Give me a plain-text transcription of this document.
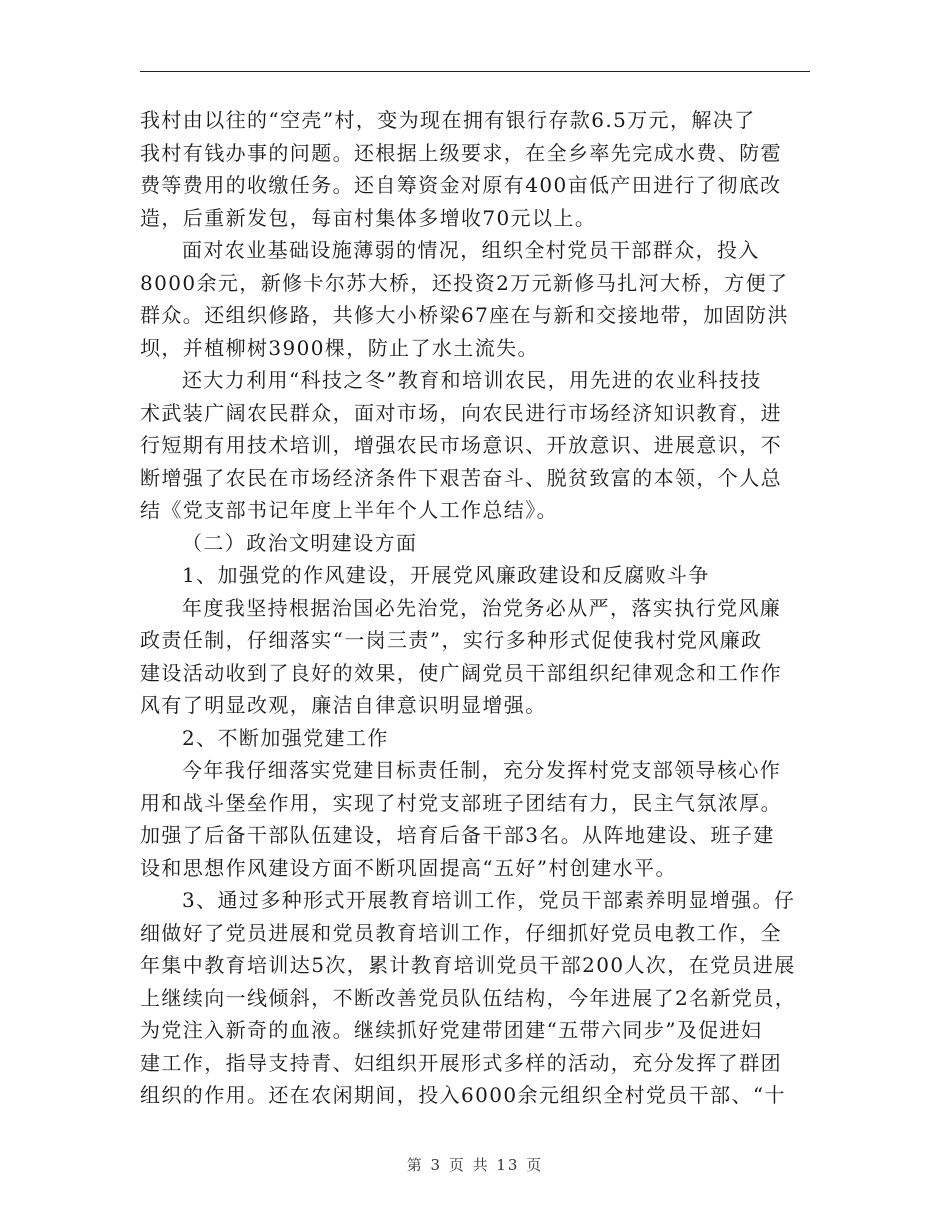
我村由以往的“空壳”村，变为现在拥有银行存款6.5万元，解决了
我村有钱办事的问题。还根据上级要求，在全乡率先完成水费、防雹
费等费用的收缴任务。还自筹资金对原有400亩低产田进行了彻底改
造，后重新发包，每亩村集体多增收70元以上。
面对农业基础设施薄弱的情况，组织全村党员干部群众，投入
8000余元，新修卡尔苏大桥，还投资2万元新修马扎河大桥，方便了
群众。还组织修路，共修大小桥梁67座在与新和交接地带，加固防洪
坝，并植柳树3900棵，防止了水土流失。
还大力利用“科技之冬”教育和培训农民，用先进的农业科技技
术武装广阔农民群众，面对市场，向农民进行市场经济知识教育，进
行短期有用技术培训，增强农民市场意识、开放意识、进展意识，不
断增强了农民在市场经济条件下艰苦奋斗、脱贫致富的本领，个人总
结《党支部书记年度上半年个人工作总结》。
（二）政治文明建设方面
1、加强党的作风建设，开展党风廉政建设和反腐败斗争
年度我坚持根据治国必先治党，治党务必从严，落实执行党风廉
政责任制，仔细落实“一岗三责”，实行多种形式促使我村党风廉政
建设活动收到了良好的效果，使广阔党员干部组织纪律观念和工作作
风有了明显改观，廉洁自律意识明显增强。
2、不断加强党建工作
今年我仔细落实党建目标责任制，充分发挥村党支部领导核心作
用和战斗堡垒作用，实现了村党支部班子团结有力，民主气氛浓厚。
加强了后备干部队伍建设，培育后备干部3名。从阵地建设、班子建
设和思想作风建设方面不断巩固提高“五好”村创建水平。
3、通过多种形式开展教育培训工作，党员干部素养明显增强。仔
细做好了党员进展和党员教育培训工作，仔细抓好党员电教工作，全
年集中教育培训达5次，累计教育培训党员干部200人次，在党员进展
上继续向一线倾斜，不断改善党员队伍结构，今年进展了2名新党员，
为党注入新奇的血液。继续抓好党建带团建“五带六同步”及促进妇
建工作，指导支持青、妇组织开展形式多样的活动，充分发挥了群团
组织的作用。还在农闲期间，投入6000余元组织全村党员干部、“十
第 3 页 共 13 页
